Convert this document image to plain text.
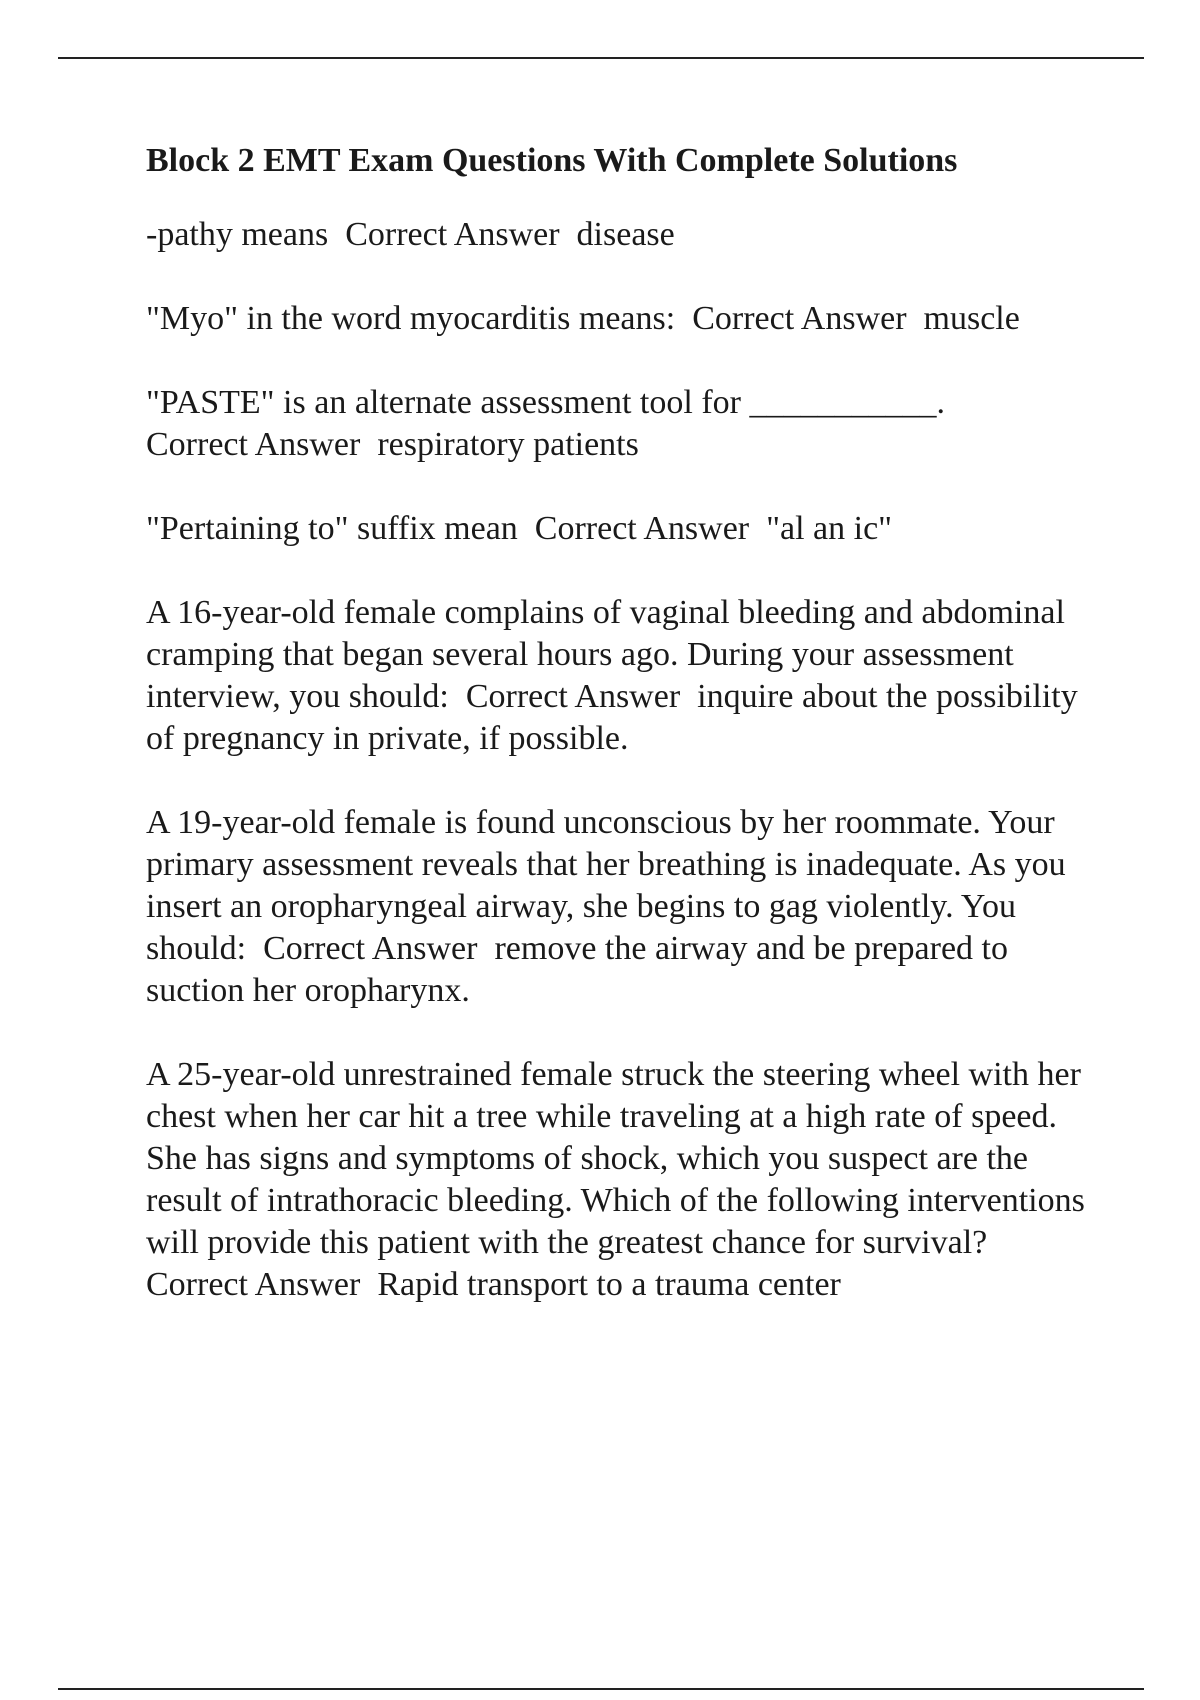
Block 2 EMT Exam Questions With Complete Solutions
-pathy means Correct Answer disease
"Myo" in the word myocarditis means: Correct Answer muscle
"PASTE" is an alternate assessment tool for ___________.
Correct Answer respiratory patients
"Pertaining to" suffix mean Correct Answer "al an ic"
A 16-year-old female complains of vaginal bleeding and abdominal cramping that began several hours ago. During your assessment interview, you should: Correct Answer inquire about the possibility of pregnancy in private, if possible.
A 19-year-old female is found unconscious by her roommate. Your primary assessment reveals that her breathing is inadequate. As you insert an oropharyngeal airway, she begins to gag violently. You should: Correct Answer remove the airway and be prepared to suction her oropharynx.
A 25-year-old unrestrained female struck the steering wheel with her chest when her car hit a tree while traveling at a high rate of speed. She has signs and symptoms of shock, which you suspect are the result of intrathoracic bleeding. Which of the following interventions will provide this patient with the greatest chance for survival?  Correct Answer Rapid transport to a trauma center
